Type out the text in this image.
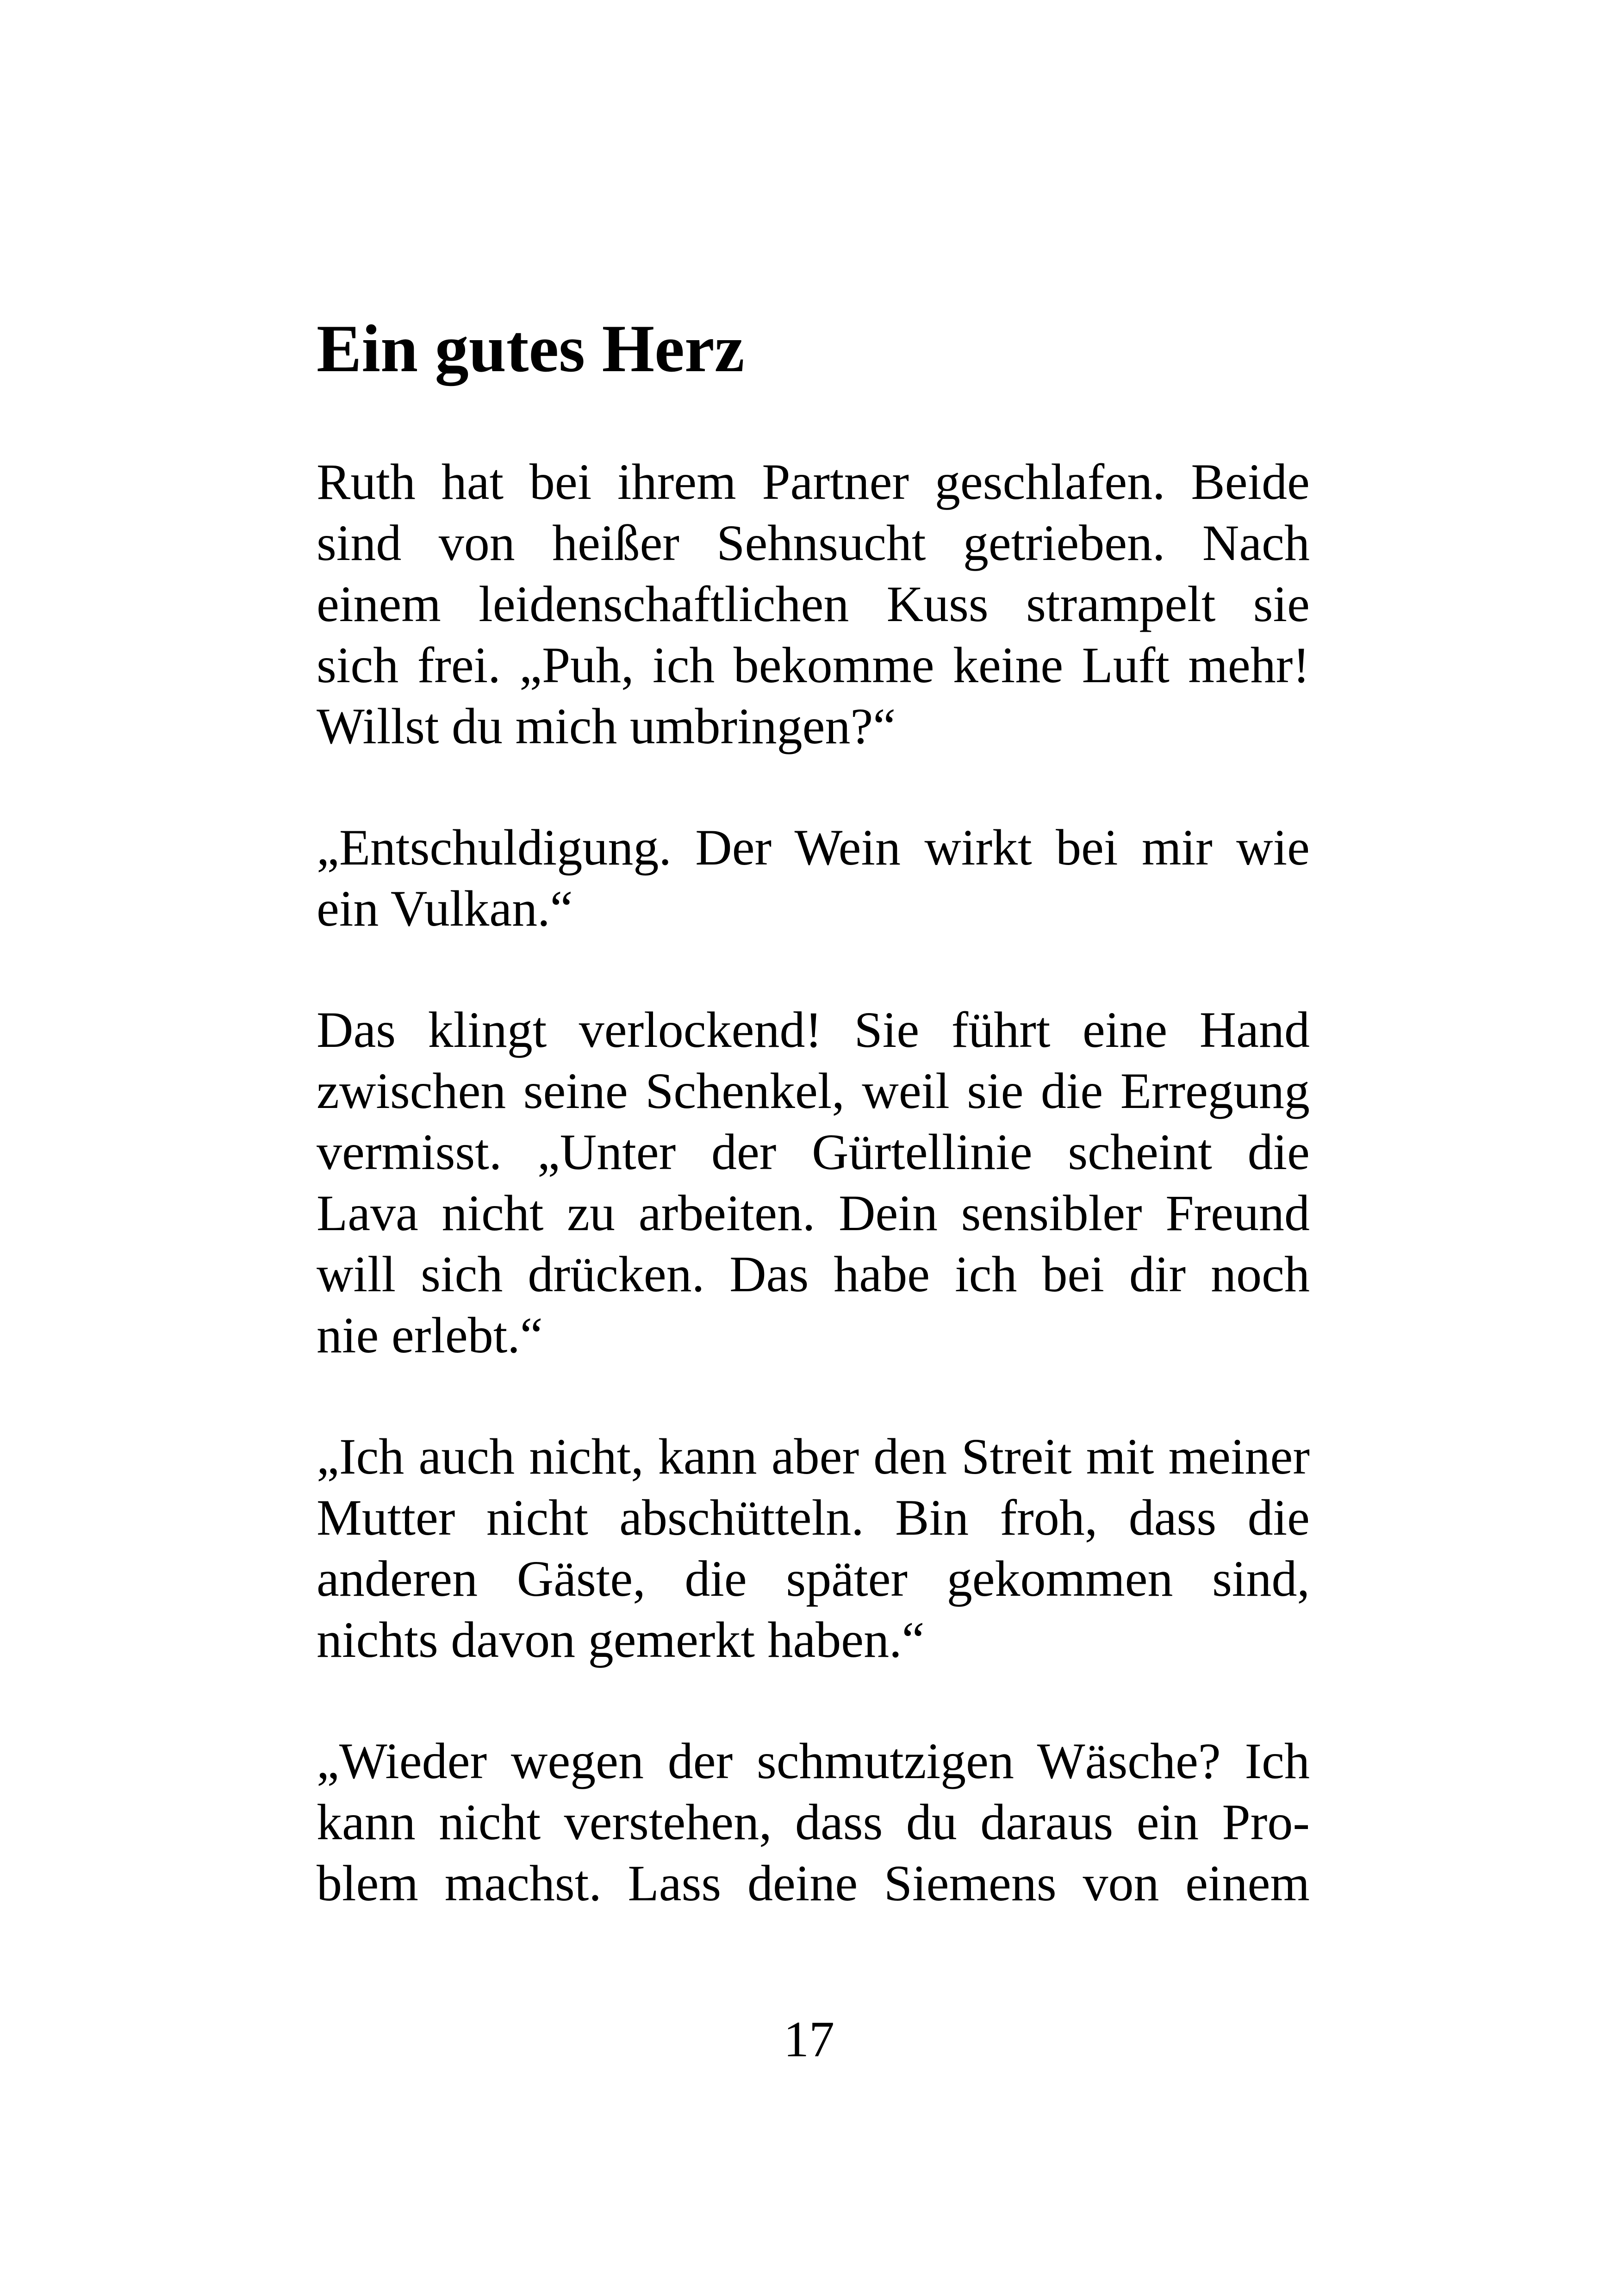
Ein gutes Herz

Ruth hat bei ihrem Partner geschlafen. Beide

sind von heißer Sehnsucht getrieben. Nach

einem leidenschaftlichen Kuss strampelt sie

sich frei. „Puh, ich bekomme keine Luft mehr!

Willst du mich umbringen?“

„Entschuldigung. Der Wein wirkt bei mir wie

ein Vulkan.“

Das klingt verlockend! Sie führt eine Hand

zwischen seine Schenkel, weil sie die Erregung

vermisst. „Unter der Gürtellinie scheint die

Lava nicht zu arbeiten. Dein sensibler Freund

will sich drücken. Das habe ich bei dir noch

nie erlebt.“

„Ich auch nicht, kann aber den Streit mit meiner

Mutter nicht abschütteln. Bin froh, dass die

anderen Gäste, die später gekommen sind,

nichts davon gemerkt haben.“

„Wieder wegen der schmutzigen Wäsche? Ich

kann nicht verstehen, dass du daraus ein Pro-

blem machst. Lass deine Siemens von einem

17
